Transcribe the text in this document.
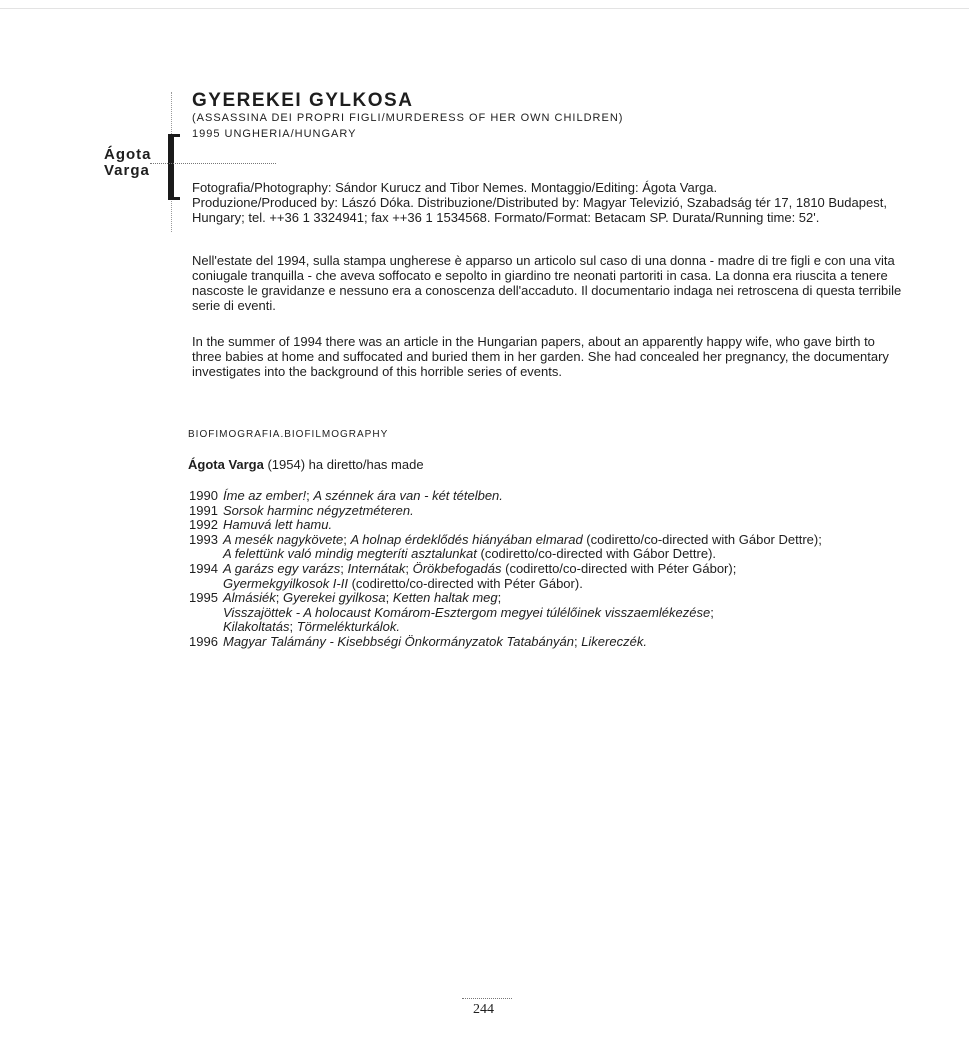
Ágota
Varga
GYEREKEI GYLKOSA
(ASSASSINA DEI PROPRI FIGLI/MURDERESS OF HER OWN CHILDREN)
1995 UNGHERIA/HUNGARY
Fotografia/Photography: Sándor Kurucz and Tibor Nemes. Montaggio/Editing: Ágota Varga.
Produzione/Produced by: Lászó Dóka. Distribuzione/Distributed by: Magyar Televizió, Szabadság tér 17, 1810 Budapest,
Hungary; tel. ++36 1 3324941; fax ++36 1 1534568. Formato/Format: Betacam SP. Durata/Running time: 52'.
Nell'estate del 1994, sulla stampa ungherese è apparso un articolo sul caso di una donna - madre di tre figli e con una vita coniugale tranquilla - che aveva soffocato e sepolto in giardino tre neonati partoriti in casa. La donna era riuscita a tenere nascoste le gravidanze e nessuno era a conoscenza dell'accaduto. Il documentario indaga nei retroscena di questa terribile serie di eventi.
In the summer of 1994 there was an article in the Hungarian papers, about an apparently happy wife, who gave birth to three babies at home and suffocated and buried them in her garden. She had concealed her pregnancy, the documentary investigates into the background of this horrible series of events.
BIOFIMOGRAFIA.BIOFILMOGRAPHY
Ágota Varga (1954) ha diretto/has made
1990 Íme az ember!; A szénnek ára van - két tételben.
1991 Sorsok harminc négyzetméteren.
1992 Hamuvá lett hamu.
1993 A mesék nagykövete; A holnap érdeklődés hiányában elmarad (codiretto/co-directed with Gábor Dettre);
A felettünk való mindig megteríti asztalunkat (codiretto/co-directed with Gábor Dettre).
1994 A garázs egy varázs; Internátak; Örökbefogadás (codiretto/co-directed with Péter Gábor);
Gyermekgyilkosok I-II (codiretto/co-directed with Péter Gábor).
1995 Almásiék; Gyerekei gyilkosa; Ketten haltak meg;
Visszajöttek - A holocaust Komárom-Esztergom megyei túlélőinek visszaemlékezése;
Kilakoltatás; Törmelékturkálok.
1996 Magyar Talámány - Kisebbségi Önkormányzatok Tatabányán; Likereczék.
244
